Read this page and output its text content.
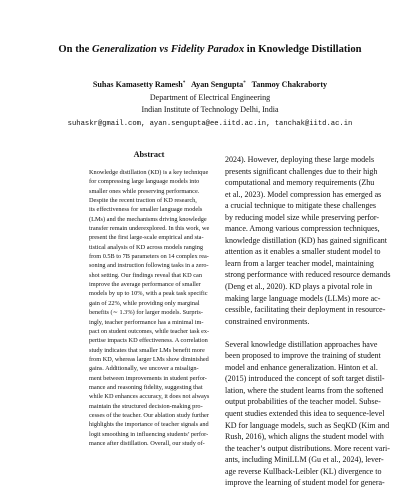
On the Generalization vs Fidelity Paradox in Knowledge Distillation
Suhas Kamasetty Ramesh* Ayan Sengupta* Tanmoy Chakraborty
Department of Electrical Engineering
Indian Institute of Technology Delhi, India
suhaskr@gmail.com, ayan.sengupta@ee.iitd.ac.in, tanchak@iitd.ac.in
Abstract
Knowledge distillation (KD) is a key technique
for compressing large language models into
smaller ones while preserving performance.
Despite the recent traction of KD research,
its effectiveness for smaller language models
(LMs) and the mechanisms driving knowledge
transfer remain underexplored. In this work, we
present the first large-scale empirical and sta-
tistical analysis of KD across models ranging
from 0.5B to 7B parameters on 14 complex rea-
soning and instruction following tasks in a zero-
shot setting. Our findings reveal that KD can
improve the average performance of smaller
models by up to 10%, with a peak task specific
gain of 22%, while providing only marginal
benefits (∼ 1.3%) for larger models. Surpris-
ingly, teacher performance has a minimal im-
pact on student outcomes, while teacher task ex-
pertise impacts KD effectiveness. A correlation
study indicates that smaller LMs benefit more
from KD, whereas larger LMs show diminished
gains. Additionally, we uncover a misalign-
ment between improvements in student perfor-
mance and reasoning fidelity, suggesting that
while KD enhances accuracy, it does not always
maintain the structured decision-making pro-
cesses of the teacher. Our ablation study further
highlights the importance of teacher signals and
logit smoothing in influencing students’ perfor-
mance after distillation. Overall, our study of-
2024). However, deploying these large models
presents significant challenges due to their high
computational and memory requirements (Zhu
et al., 2023). Model compression has emerged as
a crucial technique to mitigate these challenges
by reducing model size while preserving perfor-
mance. Among various compression techniques,
knowledge distillation (KD) has gained significant
attention as it enables a smaller student model to
learn from a larger teacher model, maintaining
strong performance with reduced resource demands
(Deng et al., 2020). KD plays a pivotal role in
making large language models (LLMs) more ac-
cessible, facilitating their deployment in resource-
constrained environments.

Several knowledge distillation approaches have
been proposed to improve the training of student
model and enhance generalization. Hinton et al.
(2015) introduced the concept of soft target distil-
lation, where the student learns from the softened
output probabilities of the teacher model. Subse-
quent studies extended this idea to sequence-level
KD for language models, such as SeqKD (Kim and
Rush, 2016), which aligns the student model with
the teacher’s output distributions. More recent vari-
ants, including MiniLLM (Gu et al., 2024), lever-
age reverse Kullback-Leibler (KL) divergence to
improve the learning of student model for genera-
